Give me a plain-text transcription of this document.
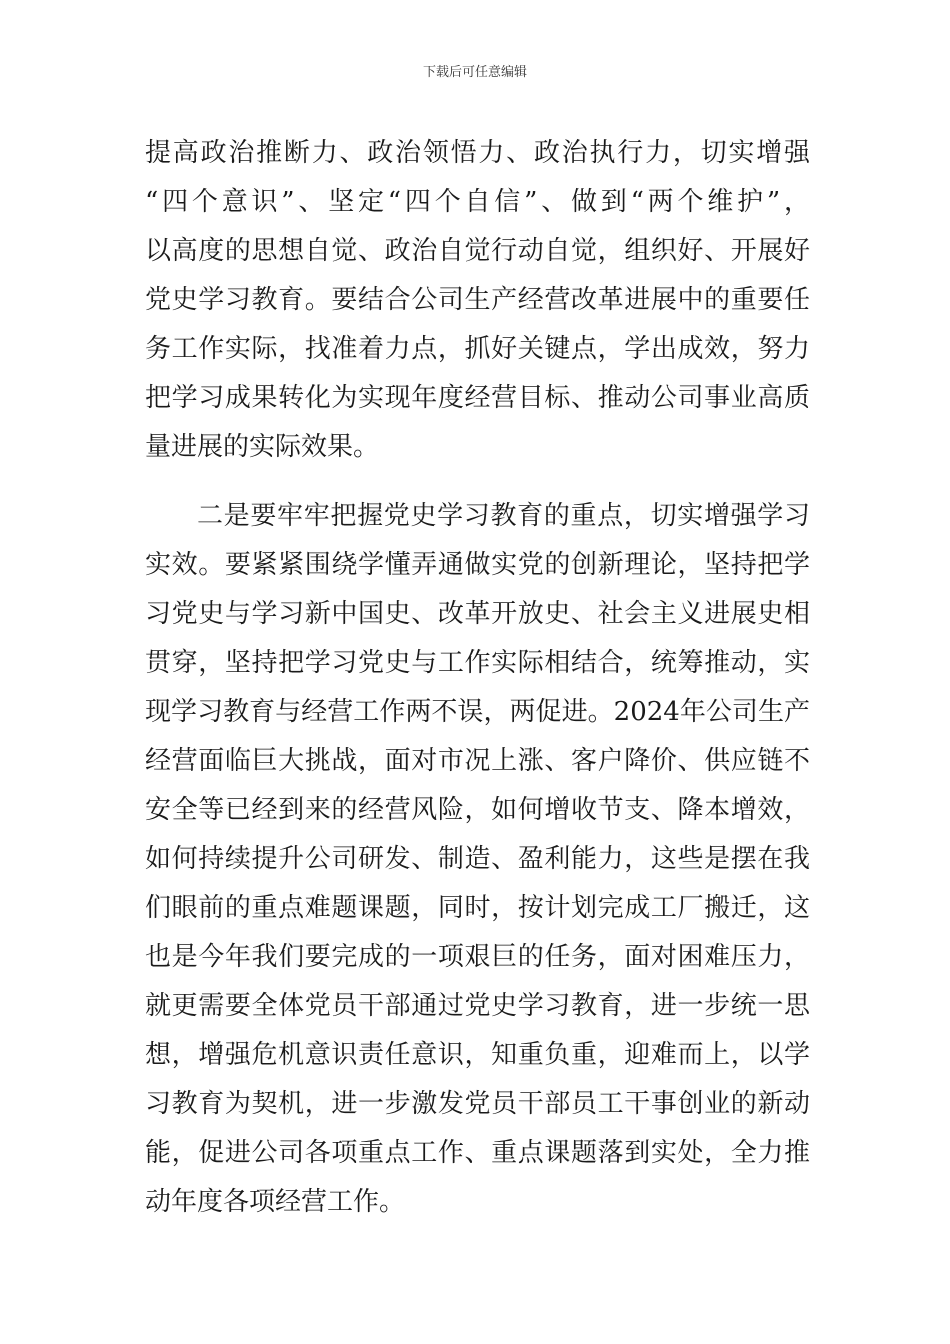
下载后可任意编辑
提高政治推断力、政治领悟力、政治执行力，切实增强
“四个意识”、坚定“四个自信”、做到“两个维护”，
以高度的思想自觉、政治自觉行动自觉，组织好、开展好
党史学习教育。要结合公司生产经营改革进展中的重要任
务工作实际，找准着力点，抓好关键点，学出成效，努力
把学习成果转化为实现年度经营目标、推动公司事业高质
量进展的实际效果。
二是要牢牢把握党史学习教育的重点，切实增强学习
实效。要紧紧围绕学懂弄通做实党的创新理论，坚持把学
习党史与学习新中国史、改革开放史、社会主义进展史相
贯穿，坚持把学习党史与工作实际相结合，统筹推动，实
现学习教育与经营工作两不误，两促进。2024年公司生产
经营面临巨大挑战，面对市况上涨、客户降价、供应链不
安全等已经到来的经营风险，如何增收节支、降本增效，
如何持续提升公司研发、制造、盈利能力，这些是摆在我
们眼前的重点难题课题，同时，按计划完成工厂搬迁，这
也是今年我们要完成的一项艰巨的任务，面对困难压力，
就更需要全体党员干部通过党史学习教育，进一步统一思
想，增强危机意识责任意识，知重负重，迎难而上，以学
习教育为契机，进一步激发党员干部员工干事创业的新动
能，促进公司各项重点工作、重点课题落到实处，全力推
动年度各项经营工作。
